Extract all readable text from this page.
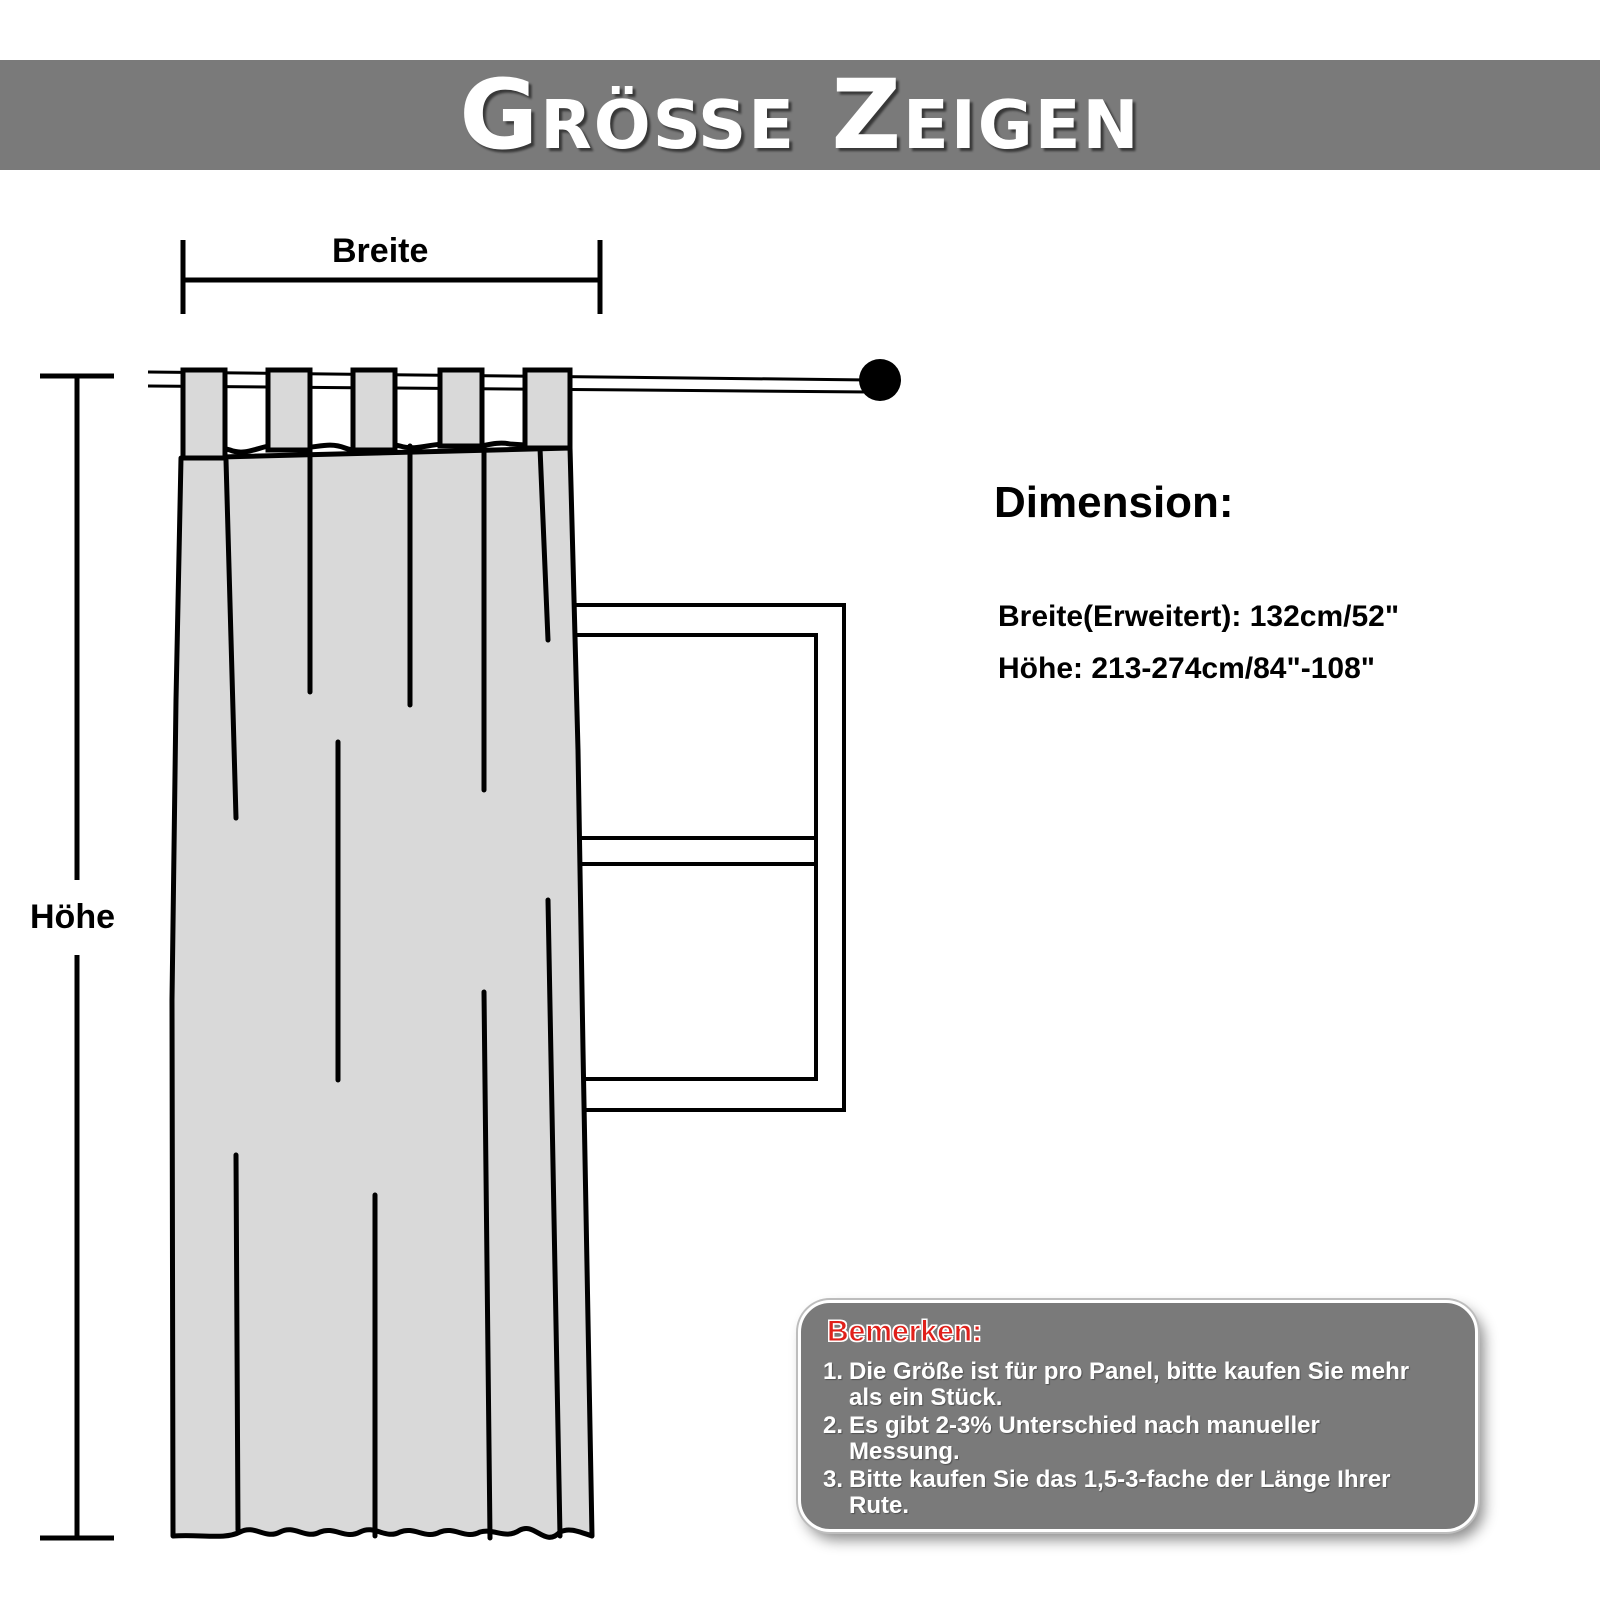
Größe Zeigen
Breite
Höhe
Dimension:
Breite(Erweitert): 132cm/52"
Höhe: 213-274cm/84"-108"
Bemerken:
1. Die Größe ist für pro Panel, bitte kaufen Sie mehr
als ein Stück.
2. Es gibt 2-3% Unterschied nach manueller
Messung.
3. Bitte kaufen Sie das 1,5-3-fache der Länge Ihrer
Rute.
